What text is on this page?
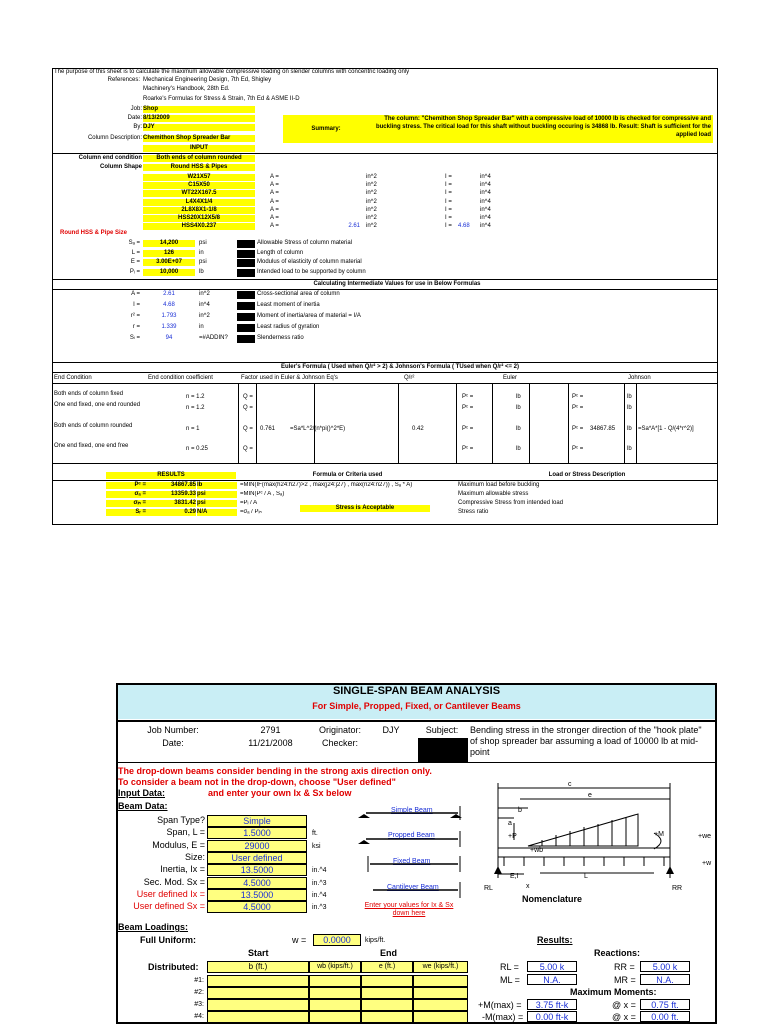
The purpose of this sheet is to calculate the maximum allowable compressive loading on slender columns with concentric loading only
References: Mechanical Engineering Design, 7th Ed, Shigley
Machinery's Handbook, 28th Ed.
Roarke's Formulas for Stress & Strain, 7th Ed & ASME II-D
Job: Shop
Date: 8/13/2009
By: DJY
Column Description: Chemithon Shop Spreader Bar
Summary:
The column: "Chemithon Shop Spreader Bar" with a compressive load of 10000 lb is checked for compressive and buckling stress. The critical load for this shaft without buckling occuring is 34868 lb. Result: Shaft is sufficient for the applied load
INPUT
Column end condition	Both ends of column rounded
Column Shape	Round HSS & Pipes
W21X57	A =	in^2	I =	in^4
C15X50	A =	in^2	I =	in^4
WT22X167.5	A =	in^2	I =	in^4
L4X4X1/4	A =	in^2	I =	in^4
2L8X8X1-1/8	A =	in^2	I =	in^4
HSS20X12X5/8	A =	in^2	I =	in^4
HSS4X0.237	A =	2.61 in^2	I = 4.68	in^4
Round HSS & Pipe Size
Sₐ =	14,200	psi	Allowable Stress of column material
L =	126	in	Length of column
E =	3.00E+07	psi	Modulus of elasticity of column material
Pᵢ =	10,000	lb	Intended load to be supported by column
Calculating Intermediate Values for use in Below Formulas
A =	2.61	in^2	Cross-sectional area of column
I =	4.68	in^4	Least moment of inertia
r² =	1.793	in^2	Moment of inertia/area of material = I/A
r =	1.339	in	Least radius of gyration
Sₗ =	94	=#ADDIN?	Slenderness ratio
Euler's Formula ( Used when Q/r² > 2) & Johnson's Formula ( TUsed when Q/r² <= 2)
End Condition	End condition coefficient	Factor used in Euler & Johnson Eq's	Q/r²	Euler	Johnson
Both ends of column fixed	n = 1.2	Q =	Pᶜ =	lb	Pᶜ =	lb
One end fixed, one end rounded	n = 1.2	Q =	Pᶜ =	lb	Pᶜ =	lb
Both ends of column rounded	n = 1	Q = 0.761 =Sa*L^2/(n*pi()^2*E)	0.42	Pᶜ =	lb	Pᶜ = 34867.85 lb =Sa*A*[1 - Q/(4*r^2)]
One end fixed, one end free	n = 0.25	Q =	Pᶜ =	lb	Pᶜ =	lb
RESULTS	Formula or Criteria used	Load or Stress Description
Pᶜ =	34867.85 lb	=MIN(IF(max(h24:h27)>2 , max(j24:j27) , max(n24:n27)) , Sₐ * A)	Maximum load before buckling
σₐ =	13359.33 psi	=MIN(Pᶜ / A , Sₐ)	Maximum allowable stress
σᵢₙ =	3831.42 psi	=Pᵢ / A	Compressive Stress from intended load
Sᵣ =	0.29 N/A	=σₐ / Pᵢₙ	Stress ratio
Stress is Acceptable
SINGLE-SPAN BEAM ANALYSIS
For Simple, Propped, Fixed, or Cantilever Beams
Job Number:	2791	Originator:	DJY	Subject:	Bending stress in the stronger direction of the "hook plate" of shop spreader bar assuming a load of 10000 lb at mid-point
Date:	11/21/2008	Checker:
The drop-down beams consider bending in the strong axis direction only.
To consider a beam not in the drop-down, choose "User defined"
Input Data:	and enter your own Ix & Sx below
Beam Data:
Span Type?	Simple
Span, L =	1.5000	ft.
Modulus, E =	29000	ksi
Size:	User defined
Inertia, Ix =	13.5000	in.^4
Sec. Mod. Sx =	4.5000	in.^3
User defined Ix =	13.5000	in.^4
User defined Sx =	4.5000	in.^3
Simple Beam
Propped Beam
Fixed Beam
Cantilever Beam
Enter your values for Ix & Sx down here
c
e
b
a
+P	+M	+we
+wb
+w
E,I	L
RL	RR
x
Nomenclature
Beam Loadings:
Full Uniform:	w =	0.0000	kips/ft.
Start	End
Distributed:	b (ft.)	wb (kips/ft.)	e (ft.)	we (kips/ft.)
#1:
#2:
#3:
#4:
Results:
Reactions:
RL =	5.00 k	RR =	5.00 k
ML =	N.A.	MR =	N.A.
Maximum Moments:
+M(max) =	3.75 ft-k	@ x =	0.75 ft.
-M(max) =	0.00 ft-k	@ x =	0.00 ft.
